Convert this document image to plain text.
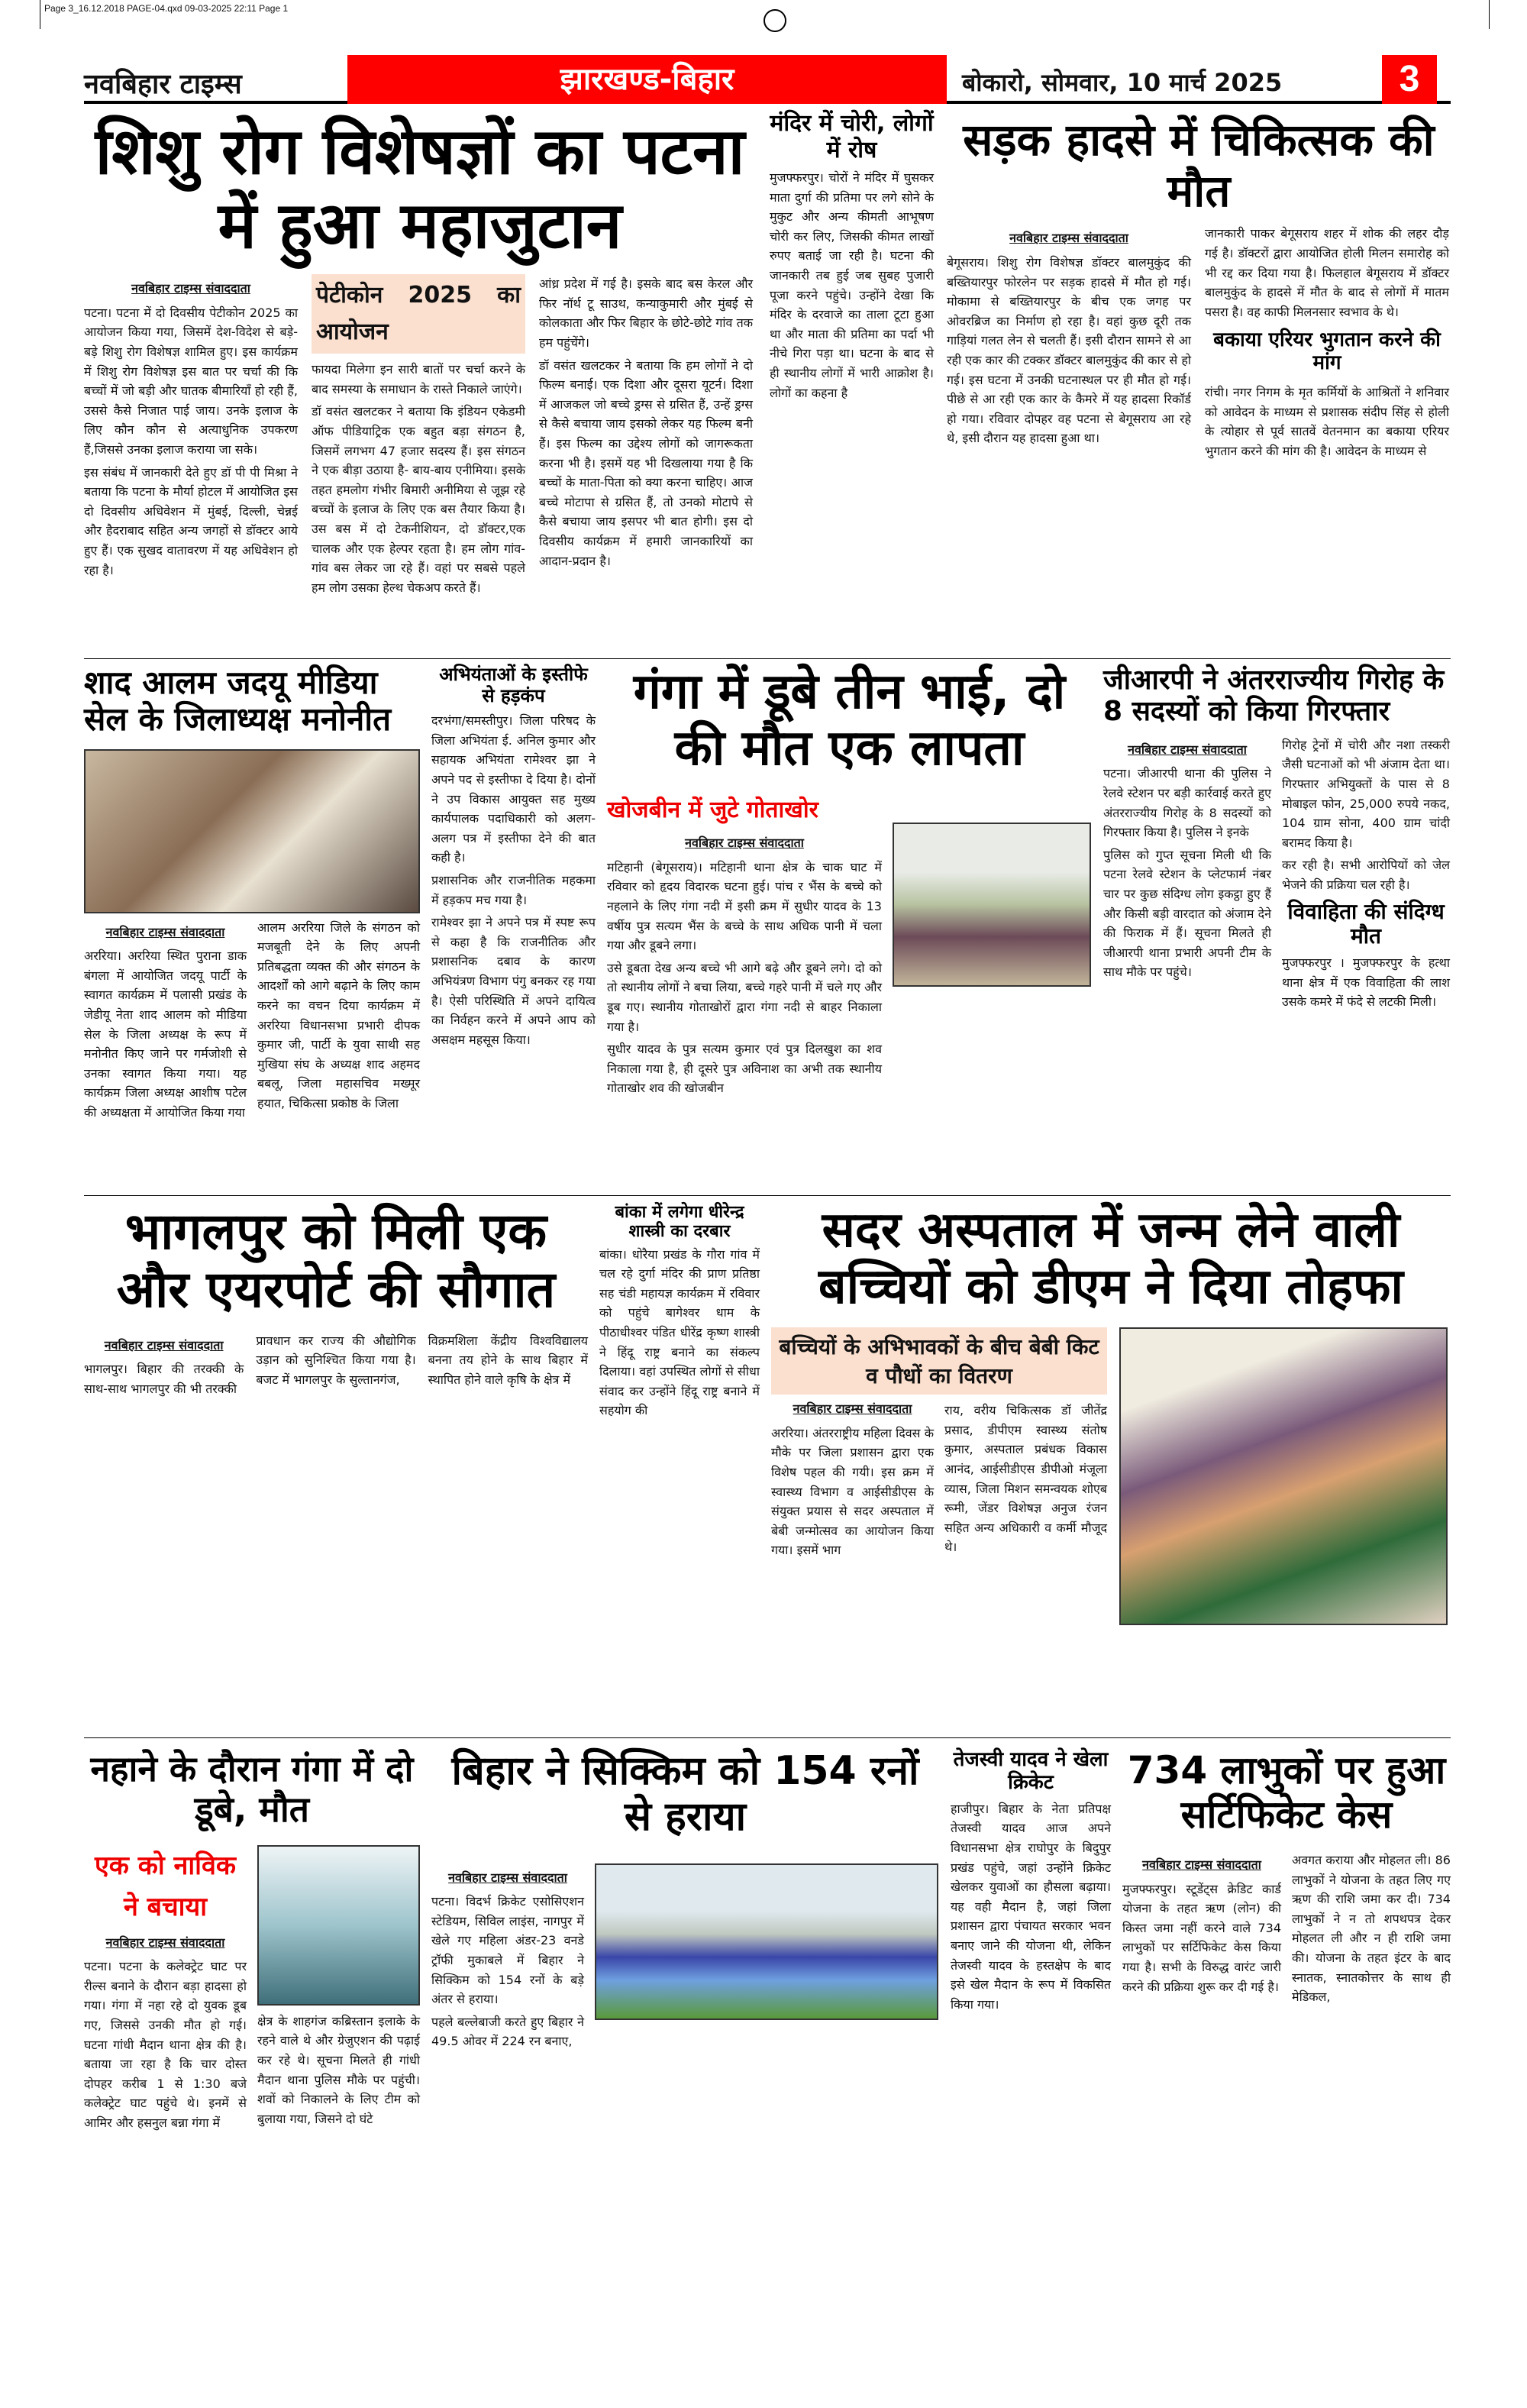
Page 3_16.12.2018 PAGE-04.qxd 09-03-2025 22:11 Page 1
नवबिहार टाइम्स	झारखण्ड-बिहार	बोकारो, सोमवार, 10 मार्च 2025	3
शिशु रोग विशेषज्ञों का पटना में हुआ महाजुटान
नवबिहार टाइम्स संवाददाता

पटना। पटना में दो दिवसीय पेटीकोन 2025 का आयोजन किया गया, जिसमें देश-विदेश से बड़े-बड़े शिशु रोग विशेषज्ञ शामिल हुए। इस कार्यक्रम में शिशु रोग विशेषज्ञ इस बात पर चर्चा की कि बच्चों में जो बड़ी और घातक बीमारियाँ हो रही हैं, उससे कैसे निजात पाई जाय। उनके इलाज के लिए कौन कौन से अत्याधुनिक उपकरण हैं,जिससे उनका इलाज कराया जा सके।

इस संबंध में जानकारी देते हुए डॉ पी पी मिश्रा ने बताया कि पटना के मौर्या होटल में आयोजित इस दो दिवसीय अधिवेशन में मुंबई, दिल्ली, चेन्नई और हैदराबाद सहित अन्य जगहों से डॉक्टर आये हुए हैं। एक सुखद वातावरण में यह अधिवेशन हो रहा है।

पेटीकोन 2025 का आयोजन

फायदा मिलेगा इन सारी बातों पर चर्चा करने के बाद समस्या के समाधान के रास्ते निकाले जाएंगे।

डॉ वसंत खलटकर ने बताया कि इंडियन एकेडमी ऑफ पीडियाट्रिक एक बहुत बड़ा संगठन है, जिसमें लगभग 47 हजार सदस्य हैं। इस संगठन ने एक बीड़ा उठाया है- बाय-बाय एनीमिया। इसके तहत हमलोग गंभीर बिमारी अनीमिया से जूझ रहे बच्चों के इलाज के लिए एक बस तैयार किया है। उस बस में दो टेकनीशियन, दो डॉक्टर,एक चालक और एक हेल्पर रहता है। हम लोग गांव-गांव बस लेकर जा रहे हैं। वहां पर सबसे पहले हम लोग उसका हेल्थ चेकअप करते हैं।

आंध्र प्रदेश में गई है। इसके बाद बस केरल और फिर नॉर्थ टू साउथ, कन्याकुमारी और मुंबई से कोलकाता और फिर बिहार के छोटे-छोटे गांव तक हम पहुंचेंगे।

डॉ वसंत खलटकर ने बताया कि हम लोगों ने दो फिल्म बनाई। एक दिशा और दूसरा यूटर्न। दिशा में आजकल जो बच्चे ड्रग्स से ग्रसित हैं, उन्हें ड्रग्स से कैसे बचाया जाय इसको लेकर यह फिल्म बनी हैं। इस फिल्म का उद्देश्य लोगों को जागरूकता करना भी है। इसमें यह भी दिखलाया गया है कि बच्चों के माता-पिता को क्या करना चाहिए। आज बच्चे मोटापा से ग्रसित हैं, तो उनको मोटापे से कैसे बचाया जाय इसपर भी बात होगी। इस दो दिवसीय कार्यक्रम में हमारी जानकारियों का आदान-प्रदान है।

मंदिर में चोरी, लोगों में रोष

मुजफ्फरपुर। चोरों ने मंदिर में घुसकर माता दुर्गा की प्रतिमा पर लगे सोने के मुकुट और अन्य कीमती आभूषण चोरी कर लिए, जिसकी कीमत लाखों रुपए बताई जा रही है। घटना की जानकारी तब हुई जब सुबह पुजारी पूजा करने पहुंचे। उन्होंने देखा कि मंदिर के दरवाजे का ताला टूटा हुआ था और माता की प्रतिमा का पर्दा भी नीचे गिरा पड़ा था। घटना के बाद से ही स्थानीय लोगों में भारी आक्रोश है। लोगों का कहना है

सड़क हादसे में चिकित्सक की मौत
नवबिहार टाइम्स संवाददाता

बेगूसराय। शिशु रोग विशेषज्ञ डॉक्टर बालमुकुंद की बख्तियारपुर फोरलेन पर सड़क हादसे में मौत हो गई। मोकामा से बख्तियारपुर के बीच एक जगह पर ओवरब्रिज का निर्माण हो रहा है। वहां कुछ दूरी तक गाड़ियां गलत लेन से चलती हैं। इसी दौरान सामने से आ रही एक कार की टक्कर डॉक्टर बालमुकुंद की कार से हो गई। इस घटना में उनकी घटनास्थल पर ही मौत हो गई। पीछे से आ रही एक कार के कैमरे में यह हादसा रिकॉर्ड हो गया। रविवार दोपहर वह पटना से बेगूसराय आ रहे थे, इसी दौरान यह हादसा हुआ था।

जानकारी पाकर बेगूसराय शहर में शोक की लहर दौड़ गई है। डॉक्टरों द्वारा आयोजित होली मिलन समारोह को भी रद्द कर दिया गया है। फिलहाल बेगूसराय में डॉक्टर बालमुकुंद के हादसे में मौत के बाद से लोगों में मातम पसरा है। वह काफी मिलनसार स्वभाव के थे।

बकाया एरियर भुगतान करने की मांग

रांची। नगर निगम के मृत कर्मियों के आश्रितों ने शनिवार को आवेदन के माध्यम से प्रशासक संदीप सिंह से होली के त्योहार से पूर्व सातवें वेतनमान का बकाया एरियर भुगतान करने की मांग की है। आवेदन के माध्यम से

शाद आलम जदयू मीडिया सेल के जिलाध्यक्ष मनोनीत
नवबिहार टाइम्स संवाददाता

अररिया। अररिया स्थित पुराना डाक बंगला में आयोजित जदयू पार्टी के स्वागत कार्यक्रम में पलासी प्रखंड के जेडीयू नेता शाद आलम को मीडिया सेल के जिला अध्यक्ष के रूप में मनोनीत किए जाने पर गर्मजोशी से उनका स्वागत किया गया। यह कार्यक्रम जिला अध्यक्ष आशीष पटेल की अध्यक्षता में आयोजित किया गया

आलम अररिया जिले के संगठन को मजबूती देने के लिए अपनी प्रतिबद्धता व्यक्त की और संगठन के आदर्शों को आगे बढ़ाने के लिए काम करने का वचन दिया कार्यक्रम में अररिया विधानसभा प्रभारी दीपक कुमार जी, पार्टी के युवा साथी सह मुखिया संघ के अध्यक्ष शाद अहमद बबलू, जिला महासचिव मख्मूर हयात, चिकित्सा प्रकोष्ठ के जिला

अभियंताओं के इस्तीफे से हड़कंप

दरभंगा/समस्तीपुर। जिला परिषद के जिला अभियंता ई. अनिल कुमार और सहायक अभियंता रामेश्वर झा ने अपने पद से इस्तीफा दे दिया है। दोनों ने उप विकास आयुक्त सह मुख्य कार्यपालक पदाधिकारी को अलग-अलग पत्र में इस्तीफा देने की बात कही है।

प्रशासनिक और राजनीतिक महकमा में हड़कप मच गया है।

रामेश्वर झा ने अपने पत्र में स्पष्ट रूप से कहा है कि राजनीतिक और प्रशासनिक दबाव के कारण अभियंत्रण विभाग पंगु बनकर रह गया है। ऐसी परिस्थिति में अपने दायित्व का निर्वहन करने में अपने आप को असक्षम महसूस किया।

गंगा में डूबे तीन भाई, दो की मौत एक लापता
खोजबीन में जुटे गोताखोर
नवबिहार टाइम्स संवाददाता

मटिहानी (बेगूसराय)। मटिहानी थाना क्षेत्र के चाक घाट में रविवार को हृदय विदारक घटना हुई। पांच र भैंस के बच्चे को नहलाने के लिए गंगा नदी में इसी क्रम में सुधीर यादव के 13 वर्षीय पुत्र सत्यम भैंस के बच्चे के साथ अधिक पानी में चला गया और डूबने लगा।

उसे डूबता देख अन्य बच्चे भी आगे बढ़े और डूबने लगे। दो को तो स्थानीय लोगों ने बचा लिया, बच्चे गहरे पानी में चले गए और डूब गए। स्थानीय गोताखोरों द्वारा गंगा नदी से बाहर निकाला गया है।

सुधीर यादव के पुत्र सत्यम कुमार एवं पुत्र दिलखुश का शव निकाला गया है, ही दूसरे पुत्र अविनाश का अभी तक स्थानीय गोताखोर शव की खोजबीन

जीआरपी ने अंतरराज्यीय गिरोह के 8 सदस्यों को किया गिरफ्तार
नवबिहार टाइम्स संवाददाता

पटना। जीआरपी थाना की पुलिस ने रेलवे स्टेशन पर बड़ी कार्रवाई करते हुए अंतरराज्यीय गिरोह के 8 सदस्यों को गिरफ्तार किया है। पुलिस ने इनके

पुलिस को गुप्त सूचना मिली थी कि पटना रेलवे स्टेशन के प्लेटफार्म नंबर चार पर कुछ संदिग्ध लोग इकट्ठा हुए हैं और किसी बड़ी वारदात को अंजाम देने की फिराक में हैं। सूचना मिलते ही जीआरपी थाना प्रभारी अपनी टीम के साथ मौके पर पहुंचे।

गिरोह ट्रेनों में चोरी और नशा तस्करी जैसी घटनाओं को भी अंजाम देता था। गिरफ्तार अभियुक्तों के पास से 8 मोबाइल फोन, 25,000 रुपये नकद, 104 ग्राम सोना, 400 ग्राम चांदी बरामद किया है।

कर रही है। सभी आरोपियों को जेल भेजने की प्रक्रिया चल रही है।

विवाहिता की संदिग्ध मौत

मुजफ्फरपुर । मुजफ्फरपुर के हत्था थाना क्षेत्र में एक विवाहिता की लाश उसके कमरे में फंदे से लटकी मिली।

भागलपुर को मिली एक और एयरपोर्ट की सौगात
नवबिहार टाइम्स संवाददाता

भागलपुर। बिहार की तरक्की के साथ-साथ भागलपुर की भी तरक्की

प्रावधान कर राज्य की औद्योगिक उड़ान को सुनिश्चित किया गया है। बजट में भागलपुर के सुल्तानगंज,

विक्रमशिला केंद्रीय विश्वविद्यालय बनना तय होने के साथ बिहार में स्थापित होने वाले कृषि के क्षेत्र में

बांका में लगेगा धीरेन्द्र शास्त्री का दरबार

बांका। धोरैया प्रखंड के गौरा गांव में चल रहे दुर्गा मंदिर की प्राण प्रतिष्ठा सह चंडी महायज्ञ कार्यक्रम में रविवार को पहुंचे बागेश्वर धाम के पीठाधीश्वर पंडित धीरेंद्र कृष्ण शास्त्री ने हिंदू राष्ट्र बनाने का संकल्प दिलाया। वहां उपस्थित लोगों से सीधा संवाद कर उन्होंने हिंदू राष्ट्र बनाने में सहयोग की

सदर अस्पताल में जन्म लेने वाली बच्चियों को डीएम ने दिया तोहफा
बच्चियों के अभिभावकों के बीच बेबी किट व पौधों का वितरण
नवबिहार टाइम्स संवाददाता

अररिया। अंतरराष्ट्रीय महिला दिवस के मौके पर जिला प्रशासन द्वारा एक विशेष पहल की गयी। इस क्रम में स्वास्थ्य विभाग व आईसीडीएस के संयुक्त प्रयास से सदर अस्पताल में बेबी जन्मोत्सव का आयोजन किया गया। इसमें भाग

राय, वरीय चिकित्सक डॉ जीतेंद्र प्रसाद, डीपीएम स्वास्थ्य संतोष कुमार, अस्पताल प्रबंधक विकास आनंद, आईसीडीएस डीपीओ मंजूला व्यास, जिला मिशन समन्वयक शोएब रूमी, जेंडर विशेषज्ञ अनुज रंजन सहित अन्य अधिकारी व कर्मी मौजूद थे।

नहाने के दौरान गंगा में दो डूबे, मौत
एक को नाविक ने बचाया
नवबिहार टाइम्स संवाददाता

पटना। पटना के कलेक्ट्रेट घाट पर रील्स बनाने के दौरान बड़ा हादसा हो गया। गंगा में नहा रहे दो युवक डूब गए, जिससे उनकी मौत हो गई। घटना गांधी मैदान थाना क्षेत्र की है। बताया जा रहा है कि चार दोस्त दोपहर करीब 1 से 1:30 बजे कलेक्ट्रेट घाट पहुंचे थे। इनमें से आमिर और हसनुल बन्ना गंगा में

क्षेत्र के शाहगंज कब्रिस्तान इलाके के रहने वाले थे और ग्रेजुएशन की पढ़ाई कर रहे थे। सूचना मिलते ही गांधी मैदान थाना पुलिस मौके पर पहुंची। शवों को निकालने के लिए टीम को बुलाया गया, जिसने दो घंटे

बिहार ने सिक्किम को 154 रनों से हराया
नवबिहार टाइम्स संवाददाता

पटना। विदर्भ क्रिकेट एसोसिएशन स्टेडियम, सिविल लाइंस, नागपुर में खेले गए महिला अंडर-23 वनडे ट्रॉफी मुकाबले में बिहार ने सिक्किम को 154 रनों के बड़े अंतर से हराया।

पहले बल्लेबाजी करते हुए बिहार ने 49.5 ओवर में 224 रन बनाए,

तेजस्वी यादव ने खेला क्रिकेट

हाजीपुर। बिहार के नेता प्रतिपक्ष तेजस्वी यादव आज अपने विधानसभा क्षेत्र राघोपुर के बिदुपुर प्रखंड पहुंचे, जहां उन्होंने क्रिकेट खेलकर युवाओं का हौसला बढ़ाया। यह वही मैदान है, जहां जिला प्रशासन द्वारा पंचायत सरकार भवन बनाए जाने की योजना थी, लेकिन तेजस्वी यादव के हस्तक्षेप के बाद इसे खेल मैदान के रूप में विकसित किया गया।

734 लाभुकों पर हुआ सर्टिफिकेट केस
नवबिहार टाइम्स संवाददाता

मुजफ्फरपुर। स्टूडेंट्स क्रेडिट कार्ड योजना के तहत ऋण (लोन) की किस्त जमा नहीं करने वाले 734 लाभुकों पर सर्टिफिकेट केस किया गया है। सभी के विरुद्ध वारंट जारी करने की प्रक्रिया शुरू कर दी गई है।

अवगत कराया और मोहलत ली। 86 लाभुकों ने योजना के तहत लिए गए ऋण की राशि जमा कर दी। 734 लाभुकों ने न तो शपथपत्र देकर मोहलत ली और न ही राशि जमा की। योजना के तहत इंटर के बाद स्नातक, स्नातकोत्तर के साथ ही मेडिकल,
